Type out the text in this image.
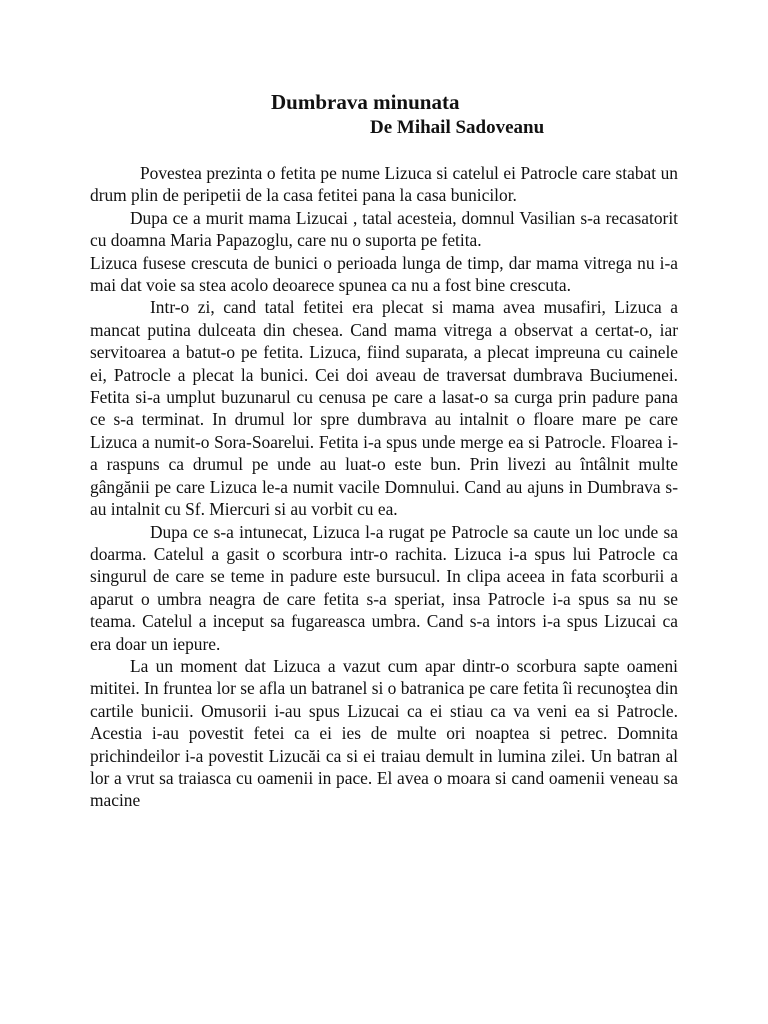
Dumbrava minunata
De Mihail Sadoveanu

Povestea prezinta o fetita pe nume Lizuca si catelul ei Patrocle care stabat un drum plin de peripetii de la casa fetitei pana la casa bunicilor.

Dupa ce a murit mama Lizucai , tatal acesteia, domnul Vasilian s-a recasatorit cu doamna Maria Papazoglu, care nu o suporta pe fetita.

Lizuca fusese crescuta de bunici o perioada lunga de timp, dar mama vitrega nu i-a mai dat voie sa stea acolo deoarece spunea ca nu a fost bine crescuta.

Intr-o zi, cand tatal fetitei era plecat si mama avea musafiri, Lizuca a mancat putina dulceata din chesea. Cand mama vitrega a observat a certat-o, iar servitoarea a batut-o pe fetita. Lizuca, fiind suparata, a plecat impreuna cu cainele ei, Patrocle a plecat la bunici. Cei doi aveau de traversat dumbrava Buciumenei. Fetita si-a umplut buzunarul cu cenusa pe care a lasat-o sa curga prin padure pana ce s-a terminat. In drumul lor spre dumbrava au intalnit o floare mare pe care Lizuca a numit-o Sora-Soarelui. Fetita i-a spus unde merge ea si Patrocle. Floarea i-a raspuns ca drumul pe unde au luat-o este bun. Prin livezi au întâlnit multe gângănii pe care Lizuca le-a numit vacile Domnului. Cand au ajuns in Dumbrava s-au intalnit cu Sf. Miercuri si au vorbit cu ea.

Dupa ce s-a intunecat, Lizuca l-a rugat pe Patrocle sa caute un loc unde sa doarma. Catelul a gasit o scorbura intr-o rachita. Lizuca i-a spus lui Patrocle ca singurul de care se teme in padure este bursucul. In clipa aceea in fata scorburii a aparut o umbra neagra de care fetita s-a speriat, insa Patrocle i-a spus sa nu se teama. Catelul a inceput sa fugareasca umbra. Cand s-a intors i-a spus Lizucai ca era doar un iepure.

La un moment dat Lizuca a vazut cum apar dintr-o scorbura sapte oameni mititei. In fruntea lor se afla un batranel si o batranica pe care fetita îi recunoştea din cartile bunicii. Omusorii i-au spus Lizucai ca ei stiau ca va veni ea si Patrocle. Acestia i-au povestit fetei ca ei ies de multe ori noaptea si petrec. Domnita prichindeilor i-a povestit Lizucăi ca si ei traiau demult in lumina zilei. Un batran al lor a vrut sa traiasca cu oamenii in pace. El avea o moara si cand oamenii veneau sa macine
